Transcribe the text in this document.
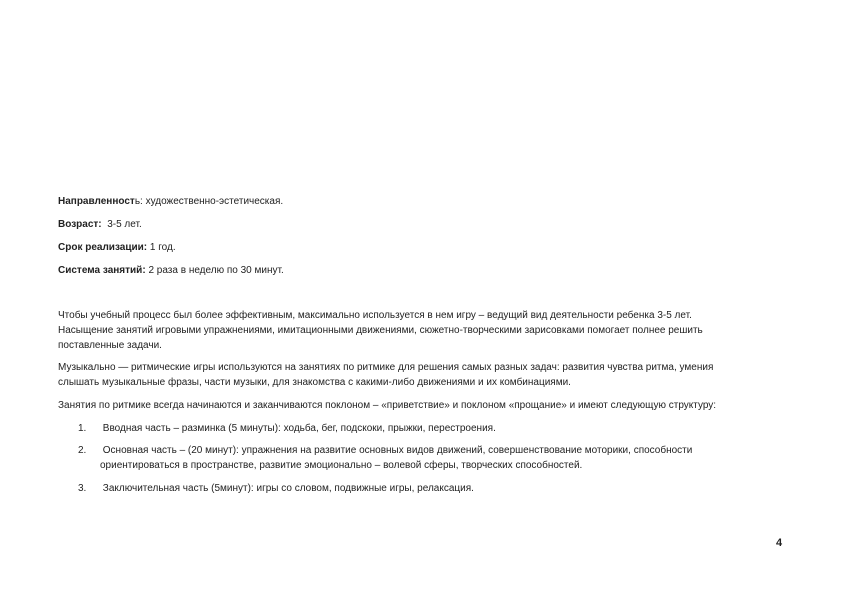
Направленность: художественно-эстетическая.
Возраст:  3-5 лет.
Срок реализации: 1 год.
Система занятий: 2 раза в неделю по 30 минут.
Чтобы учебный процесс был более эффективным, максимально используется в нем игру – ведущий вид деятельности ребенка 3-5 лет.
Насыщение занятий игровыми упражнениями, имитационными движениями, сюжетно-творческими зарисовками помогает полнее решить
поставленные задачи.
Музыкально — ритмические игры используются на занятиях по ритмике для решения самых разных задач: развития чувства ритма, умения
слышать музыкальные фразы, части музыки, для знакомства с какими-либо движениями и их комбинациями.
Занятия по ритмике всегда начинаются и заканчиваются поклоном – «приветствие» и поклоном «прощание» и имеют следующую структуру:
1. Вводная часть – разминка (5 минуты): ходьба, бег, подскоки, прыжки, перестроения.
2. Основная часть – (20 минут): упражнения на развитие основных видов движений, совершенствование моторики, способности
ориентироваться в пространстве, развитие эмоционально – волевой сферы, творческих способностей.
3. Заключительная часть (5минут): игры со словом, подвижные игры, релаксация.
4
